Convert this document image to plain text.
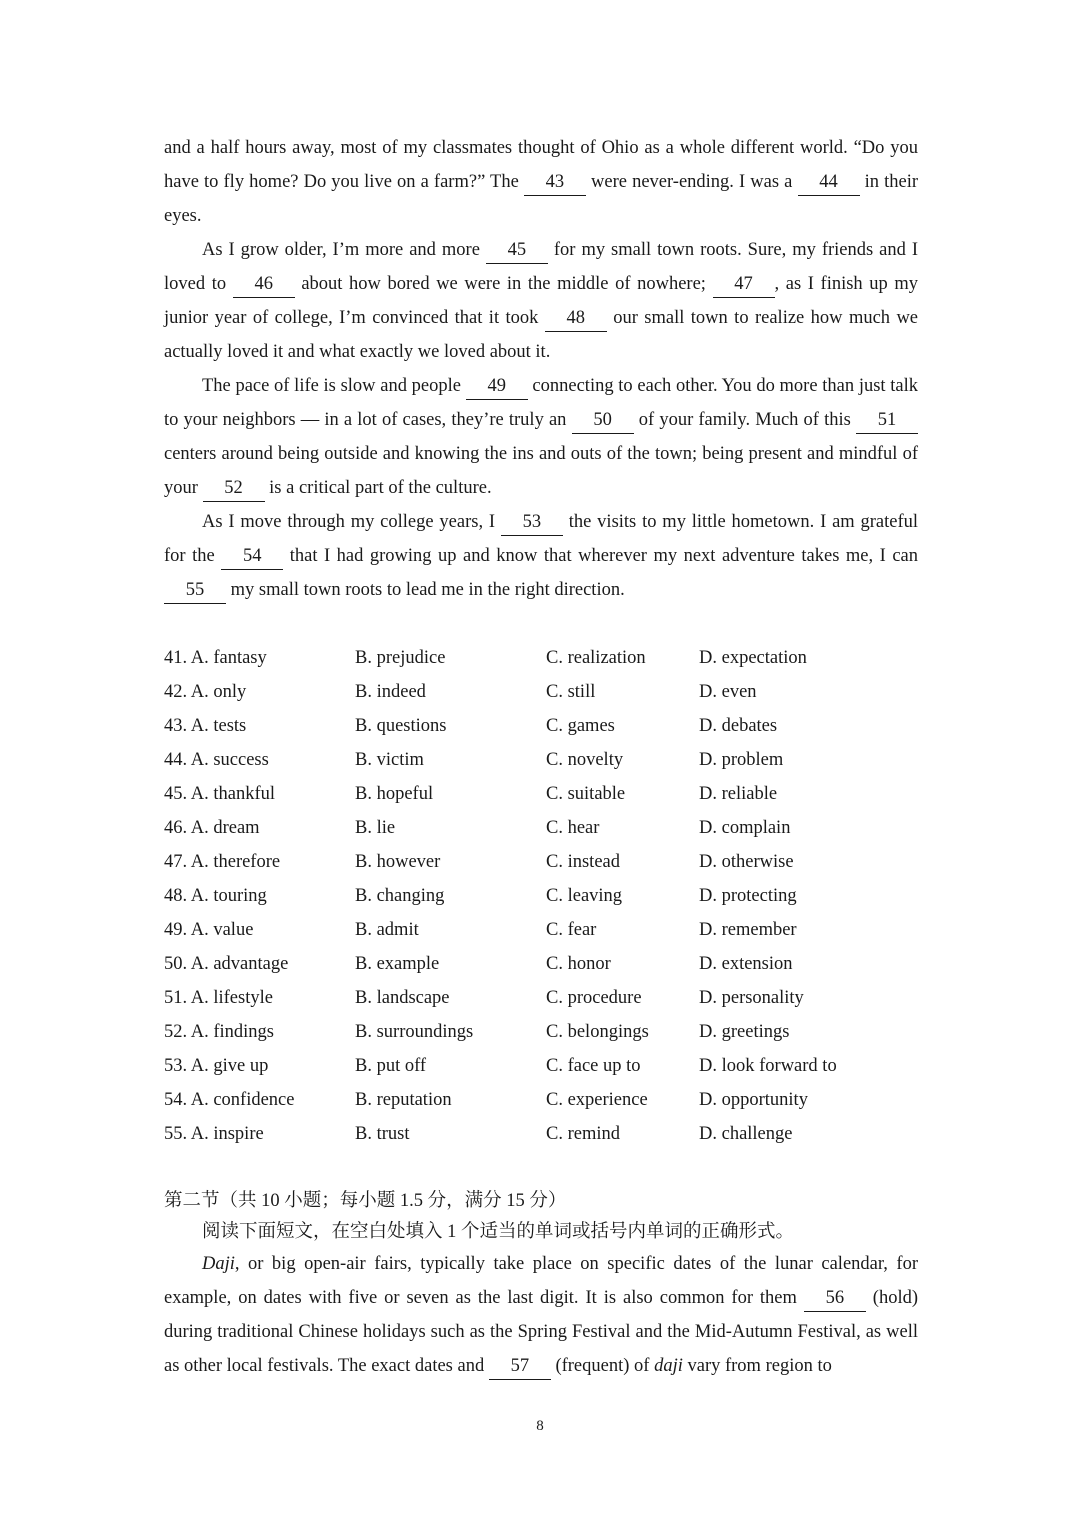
and a half hours away, most of my classmates thought of Ohio as a whole different world. “Do you have to fly home? Do you live on a farm?” The 43 were never-ending. I was a 44 in their eyes.

As I grow older, I’m more and more 45 for my small town roots. Sure, my friends and I loved to 46 about how bored we were in the middle of nowhere; 47 , as I finish up my junior year of college, I’m convinced that it took 48 our small town to realize how much we actually loved it and what exactly we loved about it.

The pace of life is slow and people 49 connecting to each other. You do more than just talk to your neighbors — in a lot of cases, they’re truly an 50 of your family. Much of this 51 centers around being outside and knowing the ins and outs of the town; being present and mindful of your 52 is a critical part of the culture.

As I move through my college years, I 53 the visits to my little hometown. I am grateful for the 54 that I had growing up and know that wherever my next adventure takes me, I can 55 my small town roots to lead me in the right direction.

41. A. fantasy	B. prejudice	C. realization	D. expectation
42. A. only	B. indeed	C. still	D. even
43. A. tests	B. questions	C. games	D. debates
44. A. success	B. victim	C. novelty	D. problem
45. A. thankful	B. hopeful	C. suitable	D. reliable
46. A. dream	B. lie	C. hear	D. complain
47. A. therefore	B. however	C. instead	D. otherwise
48. A. touring	B. changing	C. leaving	D. protecting
49. A. value	B. admit	C. fear	D. remember
50. A. advantage	B. example	C. honor	D. extension
51. A. lifestyle	B. landscape	C. procedure	D. personality
52. A. findings	B. surroundings	C. belongings	D. greetings
53. A. give up	B. put off	C. face up to	D. look forward to
54. A. confidence	B. reputation	C. experience	D. opportunity
55. A. inspire	B. trust	C. remind	D. challenge

第二节（共 10 小题；每小题 1.5 分，满分 15 分）

阅读下面短文，在空白处填入 1 个适当的单词或括号内单词的正确形式。

Daji, or big open-air fairs, typically take place on specific dates of the lunar calendar, for example, on dates with five or seven as the last digit. It is also common for them 56 (hold) during traditional Chinese holidays such as the Spring Festival and the Mid-Autumn Festival, as well as other local festivals. The exact dates and 57 (frequent) of daji vary from region to

8
